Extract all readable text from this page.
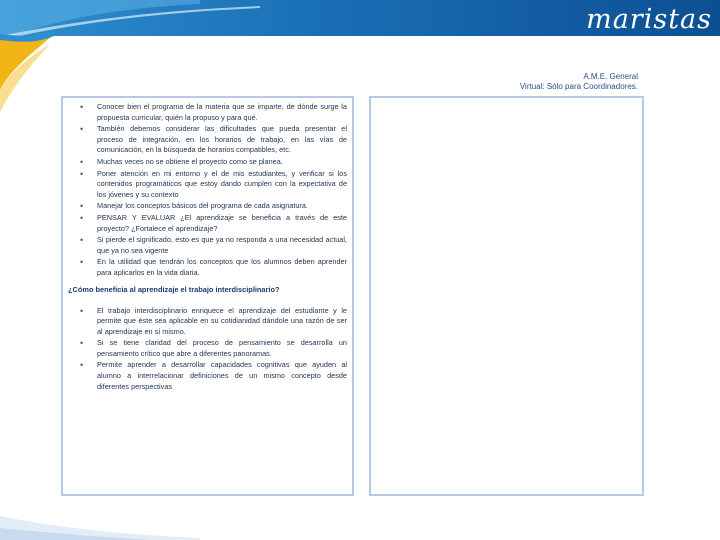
maristas
A.M.E. General
Virtual: Sólo para Coordinadores.
• Conocer bien el programa de la materia que se imparte, de dónde surge la propuesta curricular, quién la propuso y para qué.
• También debemos considerar las dificultades que pueda presentar el proceso de integración, en los horarios de trabajo, en las vías de comunicación, en la búsqueda de horarios compatibles, etc.
• Muchas veces no se obtiene el proyecto como se planea.
• Poner atención en mi entorno y el de mis estudiantes, y verificar si los contenidos programáticos que estoy dando cumplen con la expectativa de los jóvenes y su contexto
• Manejar los conceptos básicos del programa de cada asignatura.
• PENSAR Y EVALUAR ¿El aprendizaje se beneficia a través de este proyecto? ¿Fortalece el aprendizaje?
• Si pierde el significado, esto es que ya no responda a una necesidad actual, que ya no sea vigente
• En la utilidad que tendrán los conceptos que los alumnos deben aprender para aplicarlos en la vida diaria.
¿Cómo beneficia al aprendizaje el trabajo interdisciplinario?
• El trabajo interdisciplinario enriquece el aprendizaje del estudiante y le permite que éste sea aplicable en su cotidianidad dándole una razón de ser al aprendizaje en sí mismo.
• Si se tiene claridad del proceso de pensamiento se desarrolla un pensamiento crítico que abre a diferentes panoramas.
• Permite aprender a desarrollar capacidades cognitivas que ayuden al alumno a interrelacionar definiciones de un mismo concepto desde diferentes perspectivas
